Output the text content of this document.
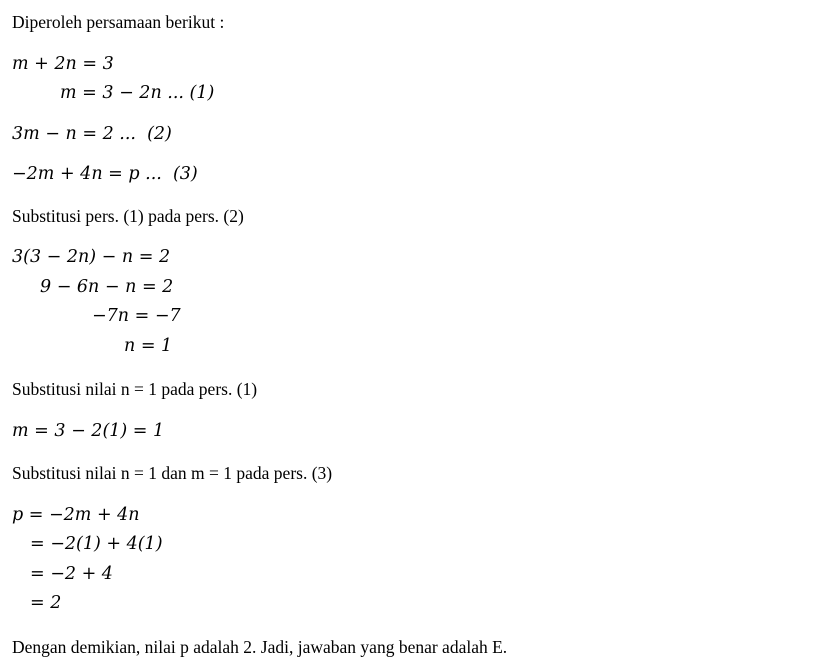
Diperoleh persamaan berikut :
m + 2n = 3
m = 3 − 2n ... (1)
3m − n = 2 ...  (2)
−2m + 4n = p ...  (3)
Substitusi pers. (1) pada pers. (2)
3(3 − 2n) − n = 2
9 − 6n − n = 2
−7n = −7
n = 1
Substitusi nilai n = 1 pada pers. (1)
m = 3 − 2(1) = 1
Substitusi nilai n = 1 dan m = 1 pada pers. (3)
p = −2m + 4n
= −2(1) + 4(1)
= −2 + 4
= 2
Dengan demikian, nilai p adalah 2. Jadi, jawaban yang benar adalah E.
